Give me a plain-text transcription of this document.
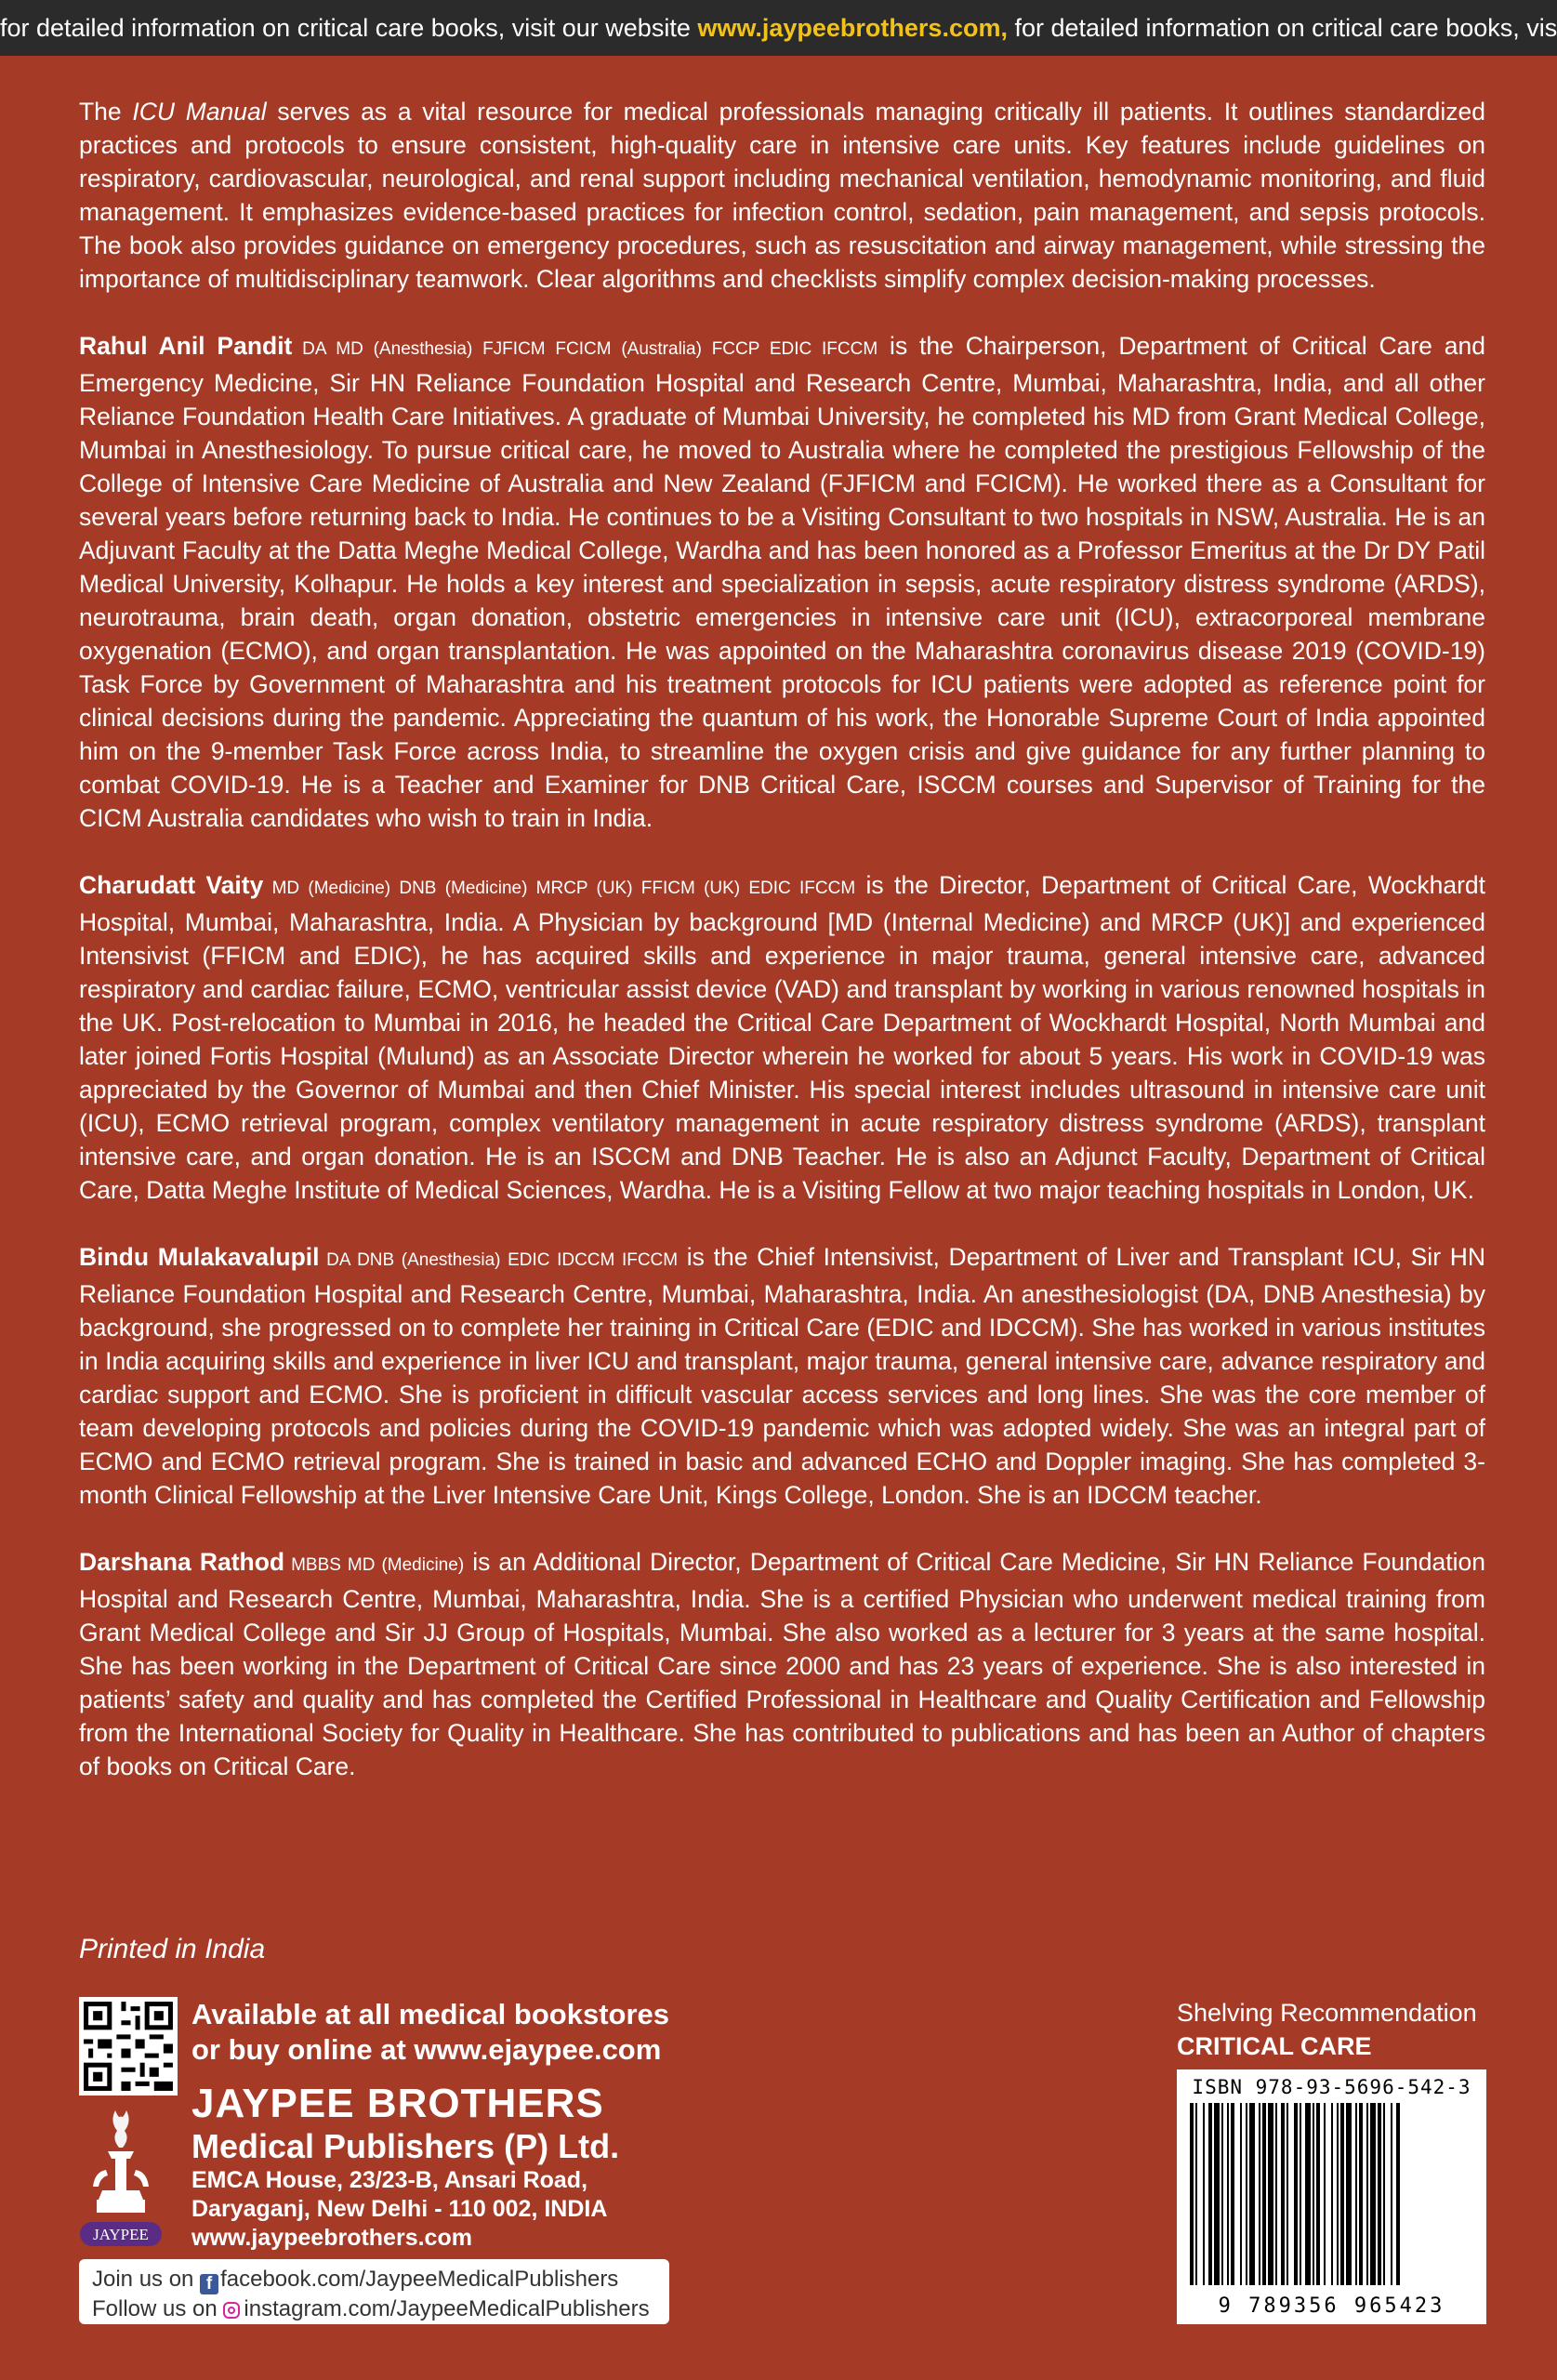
for detailed information on critical care books, visit our website www.jaypeebrothers.com, for detailed information on critical care books, vis

The ICU Manual serves as a vital resource for medical professionals managing critically ill patients. It outlines standardized practices and protocols to ensure consistent, high-quality care in intensive care units. Key features include guidelines on respiratory, cardiovascular, neurological, and renal support including mechanical ventilation, hemodynamic monitoring, and fluid management. It emphasizes evidence-based practices for infection control, sedation, pain management, and sepsis protocols. The book also provides guidance on emergency procedures, such as resuscitation and airway management, while stressing the importance of multidisciplinary teamwork. Clear algorithms and checklists simplify complex decision-making processes.

Rahul Anil Pandit DA MD (Anesthesia) FJFICM FCICM (Australia) FCCP EDIC IFCCM is the Chairperson, Department of Critical Care and Emergency Medicine, Sir HN Reliance Foundation Hospital and Research Centre, Mumbai, Maharashtra, India, and all other Reliance Foundation Health Care Initiatives. A graduate of Mumbai University, he completed his MD from Grant Medical College, Mumbai in Anesthesiology. To pursue critical care, he moved to Australia where he completed the prestigious Fellowship of the College of Intensive Care Medicine of Australia and New Zealand (FJFICM and FCICM). He worked there as a Consultant for several years before returning back to India. He continues to be a Visiting Consultant to two hospitals in NSW, Australia. He is an Adjuvant Faculty at the Datta Meghe Medical College, Wardha and has been honored as a Professor Emeritus at the Dr DY Patil Medical University, Kolhapur. He holds a key interest and specialization in sepsis, acute respiratory distress syndrome (ARDS), neurotrauma, brain death, organ donation, obstetric emergencies in intensive care unit (ICU), extracorporeal membrane oxygenation (ECMO), and organ transplantation. He was appointed on the Maharashtra coronavirus disease 2019 (COVID-19) Task Force by Government of Maharashtra and his treatment protocols for ICU patients were adopted as reference point for clinical decisions during the pandemic. Appreciating the quantum of his work, the Honorable Supreme Court of India appointed him on the 9-member Task Force across India, to streamline the oxygen crisis and give guidance for any further planning to combat COVID-19. He is a Teacher and Examiner for DNB Critical Care, ISCCM courses and Supervisor of Training for the CICM Australia candidates who wish to train in India.

Charudatt Vaity MD (Medicine) DNB (Medicine) MRCP (UK) FFICM (UK) EDIC IFCCM is the Director, Department of Critical Care, Wockhardt Hospital, Mumbai, Maharashtra, India. A Physician by background [MD (Internal Medicine) and MRCP (UK)] and experienced Intensivist (FFICM and EDIC), he has acquired skills and experience in major trauma, general intensive care, advanced respiratory and cardiac failure, ECMO, ventricular assist device (VAD) and transplant by working in various renowned hospitals in the UK. Post-relocation to Mumbai in 2016, he headed the Critical Care Department of Wockhardt Hospital, North Mumbai and later joined Fortis Hospital (Mulund) as an Associate Director wherein he worked for about 5 years. His work in COVID-19 was appreciated by the Governor of Mumbai and then Chief Minister. His special interest includes ultrasound in intensive care unit (ICU), ECMO retrieval program, complex ventilatory management in acute respiratory distress syndrome (ARDS), transplant intensive care, and organ donation. He is an ISCCM and DNB Teacher. He is also an Adjunct Faculty, Department of Critical Care, Datta Meghe Institute of Medical Sciences, Wardha. He is a Visiting Fellow at two major teaching hospitals in London, UK.

Bindu Mulakavalupil DA DNB (Anesthesia) EDIC IDCCM IFCCM is the Chief Intensivist, Department of Liver and Transplant ICU, Sir HN Reliance Foundation Hospital and Research Centre, Mumbai, Maharashtra, India. An anesthesiologist (DA, DNB Anesthesia) by background, she progressed on to complete her training in Critical Care (EDIC and IDCCM). She has worked in various institutes in India acquiring skills and experience in liver ICU and transplant, major trauma, general intensive care, advance respiratory and cardiac support and ECMO. She is proficient in difficult vascular access services and long lines. She was the core member of team developing protocols and policies during the COVID-19 pandemic which was adopted widely. She was an integral part of ECMO and ECMO retrieval program. She is trained in basic and advanced ECHO and Doppler imaging. She has completed 3-month Clinical Fellowship at the Liver Intensive Care Unit, Kings College, London. She is an IDCCM teacher.

Darshana Rathod MBBS MD (Medicine) is an Additional Director, Department of Critical Care Medicine, Sir HN Reliance Foundation Hospital and Research Centre, Mumbai, Maharashtra, India. She is a certified Physician who underwent medical training from Grant Medical College and Sir JJ Group of Hospitals, Mumbai. She also worked as a lecturer for 3 years at the same hospital. She has been working in the Department of Critical Care since 2000 and has 23 years of experience. She is also interested in patients’ safety and quality and has completed the Certified Professional in Healthcare and Quality Certification and Fellowship from the International Society for Quality in Healthcare. She has contributed to publications and has been an Author of chapters of books on Critical Care.

Printed in India
Available at all medical bookstores
or buy online at www.ejaypee.com
JAYPEE
JAYPEE BROTHERS
Medical Publishers (P) Ltd.
EMCA House, 23/23-B, Ansari Road,
Daryaganj, New Delhi - 110 002, INDIA
www.jaypeebrothers.com
Join us on f facebook.com/JaypeeMedicalPublishers
Follow us on instagram.com/JaypeeMedicalPublishers
Shelving Recommendation
CRITICAL CARE
ISBN 978-93-5696-542-3
9 789356 965423
